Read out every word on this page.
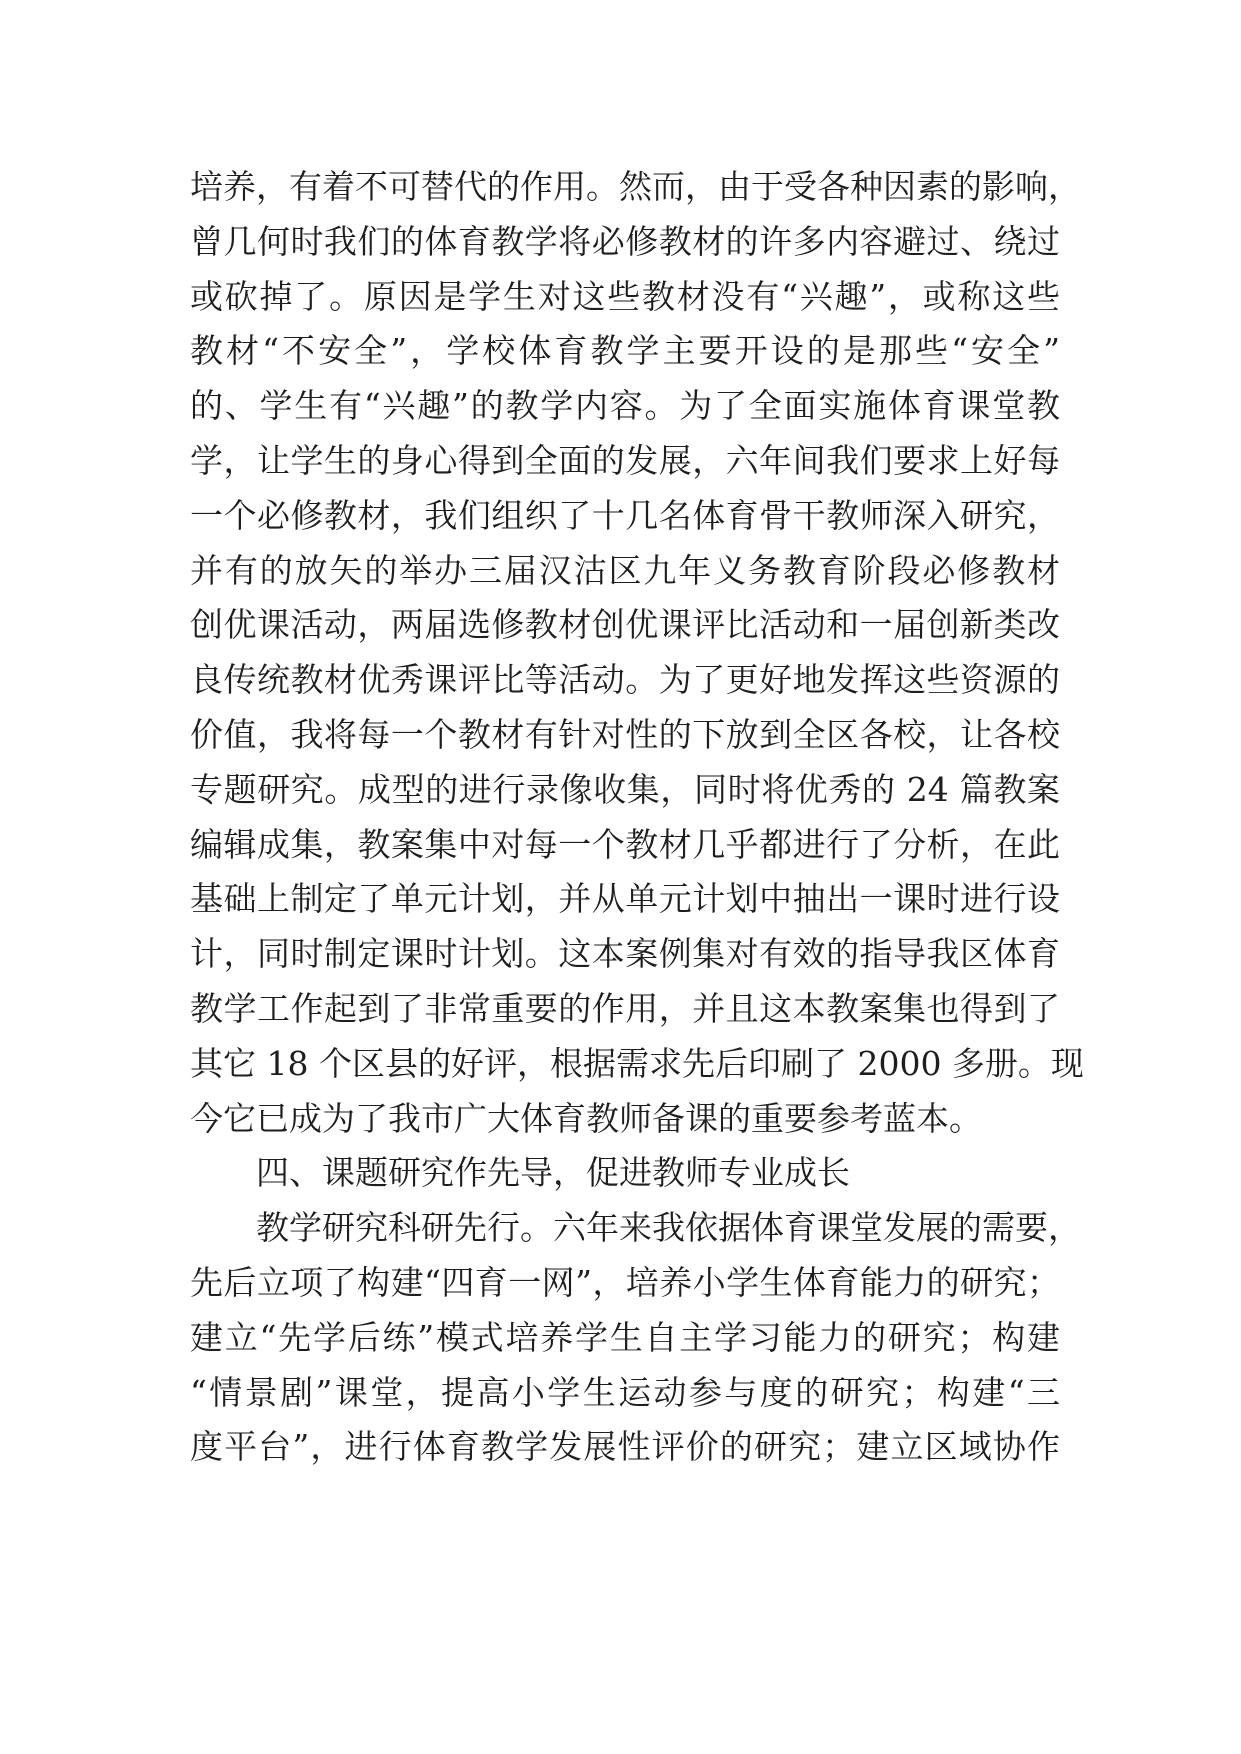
培养，有着不可替代的作用。然而，由于受各种因素的影响，
曾几何时我们的体育教学将必修教材的许多内容避过、绕过
或砍掉了。原因是学生对这些教材没有“兴趣”，或称这些
教材“不安全”，学校体育教学主要开设的是那些“安全”
的、学生有“兴趣”的教学内容。为了全面实施体育课堂教
学，让学生的身心得到全面的发展，六年间我们要求上好每
一个必修教材，我们组织了十几名体育骨干教师深入研究，
并有的放矢的举办三届汉沽区九年义务教育阶段必修教材
创优课活动，两届选修教材创优课评比活动和一届创新类改
良传统教材优秀课评比等活动。为了更好地发挥这些资源的
价值，我将每一个教材有针对性的下放到全区各校，让各校
专题研究。成型的进行录像收集，同时将优秀的 24 篇教案
编辑成集，教案集中对每一个教材几乎都进行了分析，在此
基础上制定了单元计划，并从单元计划中抽出一课时进行设
计，同时制定课时计划。这本案例集对有效的指导我区体育
教学工作起到了非常重要的作用，并且这本教案集也得到了
其它 18 个区县的好评，根据需求先后印刷了 2000 多册。现
今它已成为了我市广大体育教师备课的重要参考蓝本。
四、课题研究作先导，促进教师专业成长
教学研究科研先行。六年来我依据体育课堂发展的需要，
先后立项了构建“四育一网”，培养小学生体育能力的研究；
建立“先学后练”模式培养学生自主学习能力的研究；构建
“情景剧”课堂，提高小学生运动参与度的研究；构建“三
度平台”，进行体育教学发展性评价的研究；建立区域协作
